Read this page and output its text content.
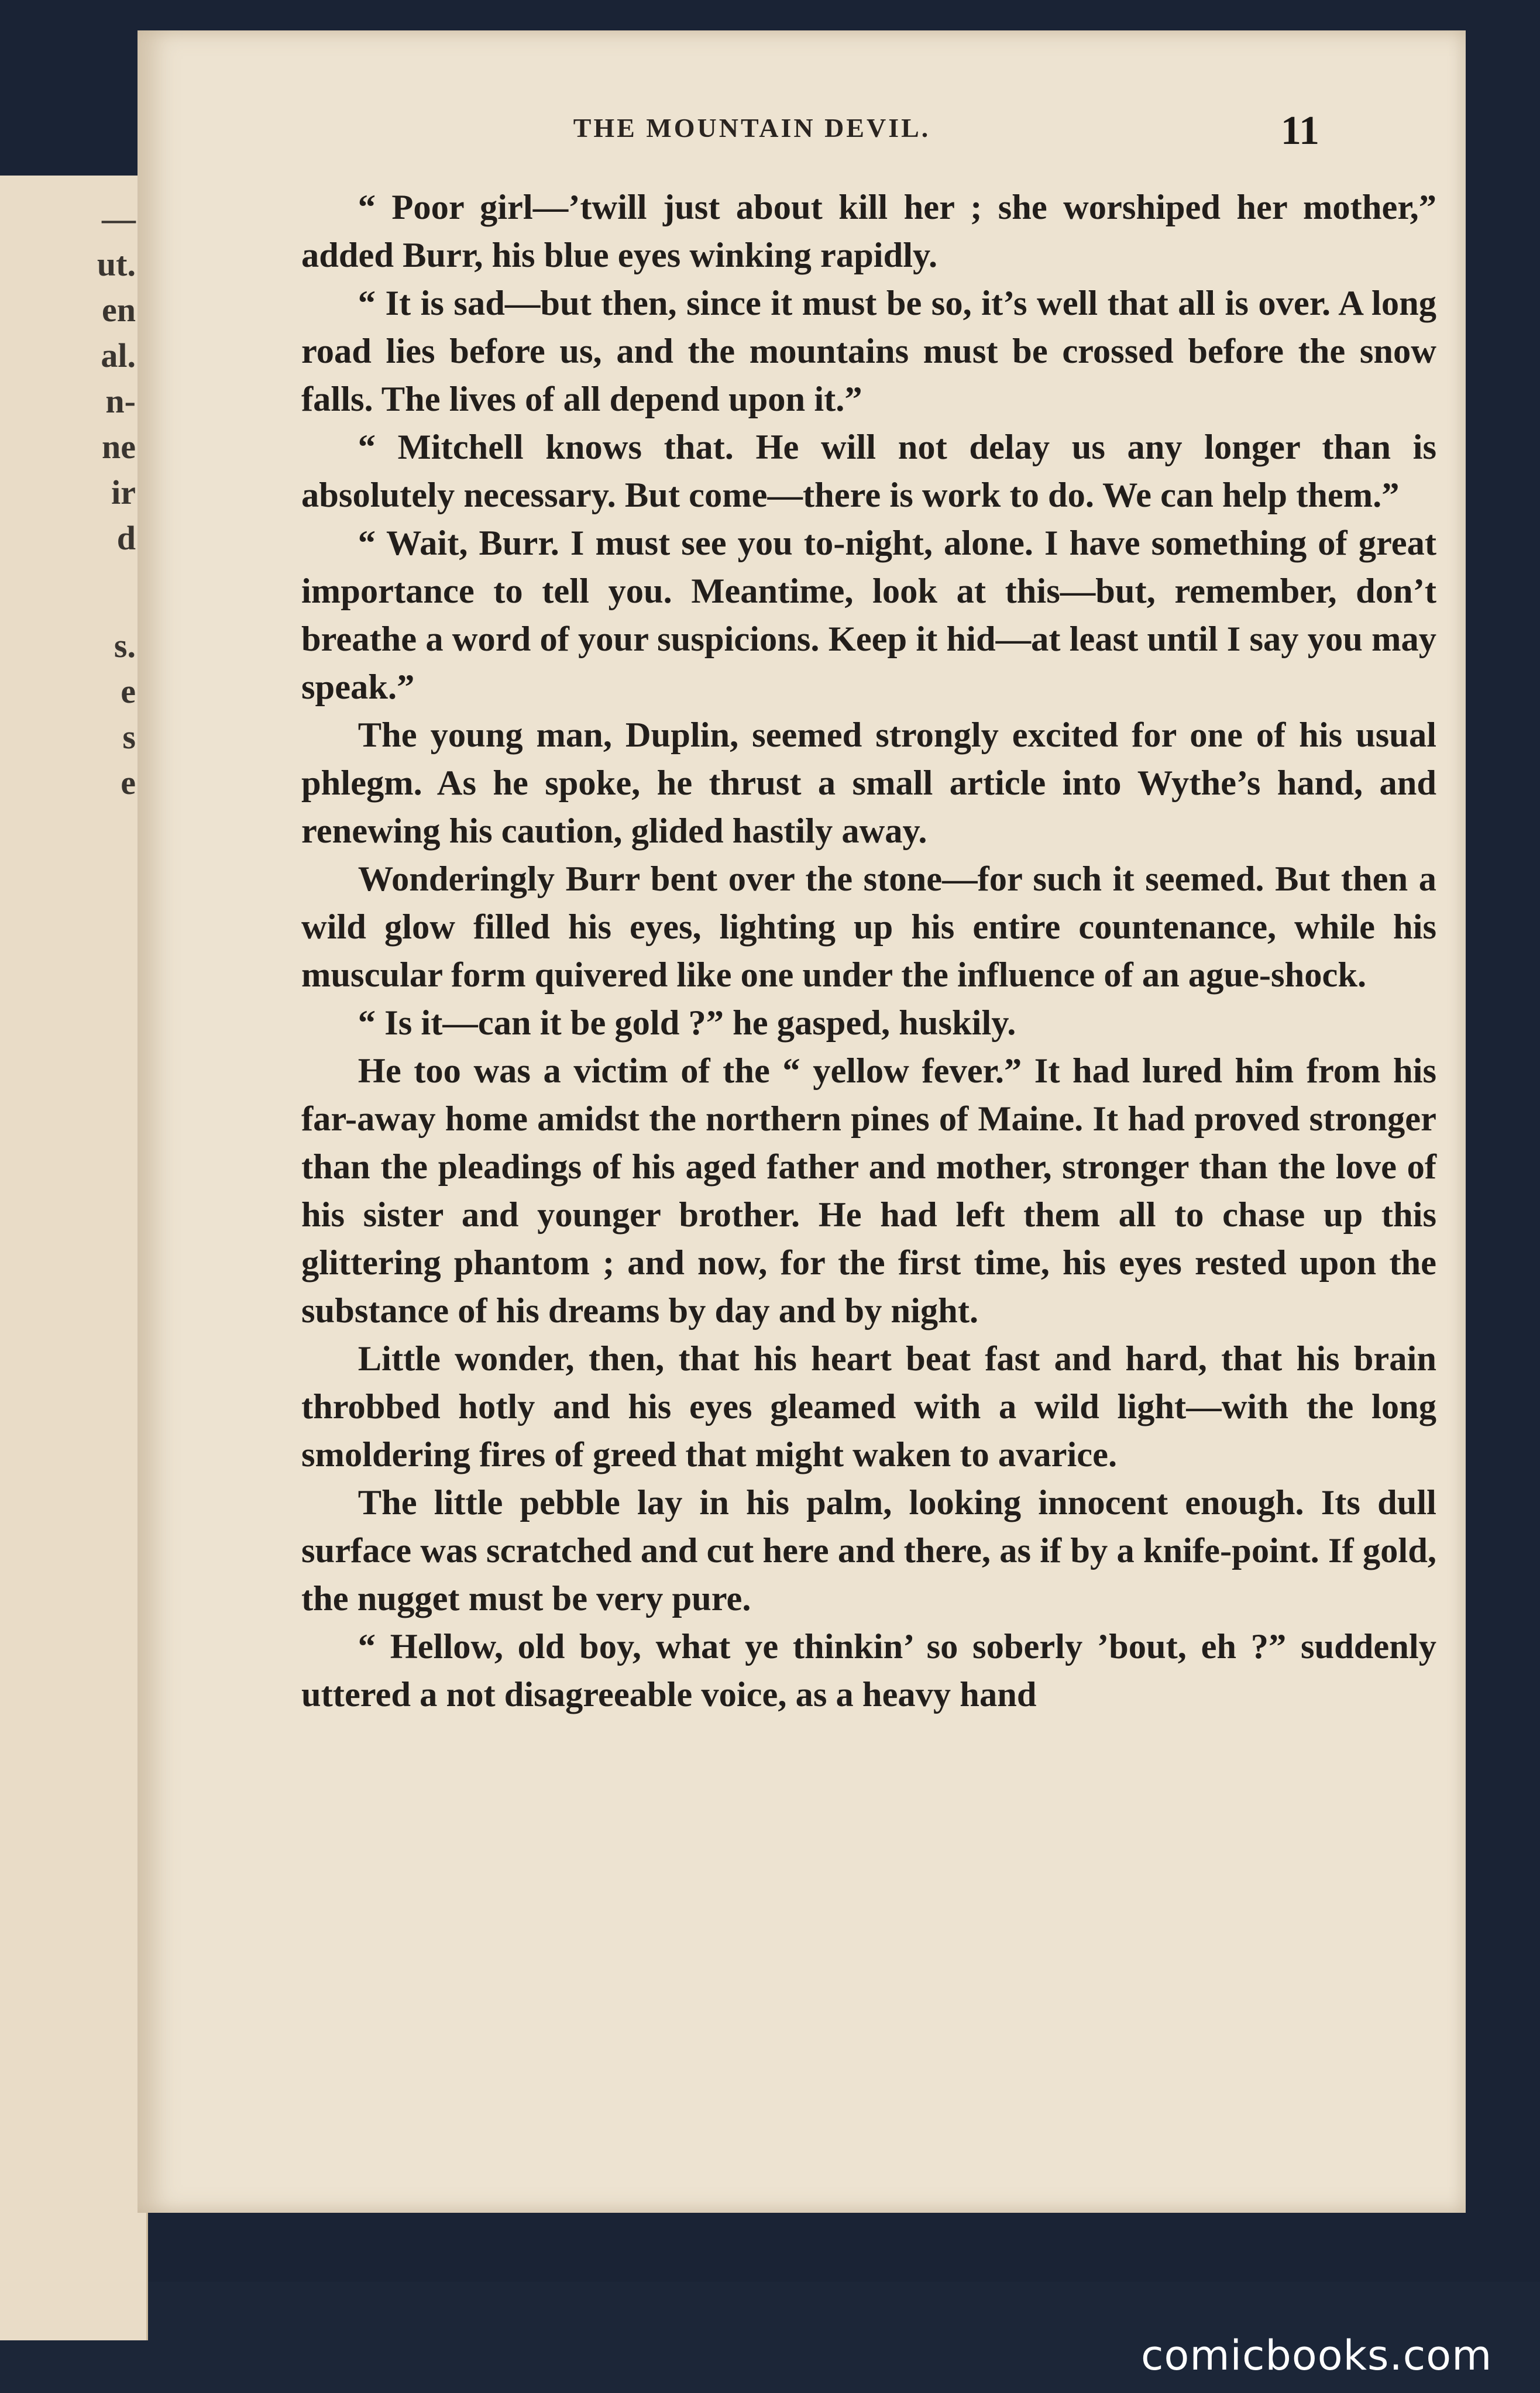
—
ut.
en
al.
n-
ne
ir
d
s.
e
s
e
THE MOUNTAIN DEVIL.	11

“ Poor girl—’twill just about kill her ; she worshiped her mother,” added Burr, his blue eyes winking rapidly.

“ It is sad—but then, since it must be so, it’s well that all is over. A long road lies before us, and the mountains must be crossed before the snow falls. The lives of all depend upon it.”

“ Mitchell knows that. He will not delay us any longer than is absolutely necessary. But come—there is work to do. We can help them.”

“ Wait, Burr. I must see you to-night, alone. I have something of great importance to tell you. Meantime, look at this—but, remember, don’t breathe a word of your suspicions. Keep it hid—at least until I say you may speak.”

The young man, Duplin, seemed strongly excited for one of his usual phlegm. As he spoke, he thrust a small article into Wythe’s hand, and renewing his caution, glided hastily away.

Wonderingly Burr bent over the stone—for such it seemed. But then a wild glow filled his eyes, lighting up his entire countenance, while his muscular form quivered like one under the influence of an ague-shock.

“ Is it—can it be gold ?” he gasped, huskily.

He too was a victim of the “ yellow fever.” It had lured him from his far-away home amidst the northern pines of Maine. It had proved stronger than the pleadings of his aged father and mother, stronger than the love of his sister and younger brother. He had left them all to chase up this glittering phantom ; and now, for the first time, his eyes rested upon the substance of his dreams by day and by night.

Little wonder, then, that his heart beat fast and hard, that his brain throbbed hotly and his eyes gleamed with a wild light—with the long smoldering fires of greed that might waken to avarice.

The little pebble lay in his palm, looking innocent enough. Its dull surface was scratched and cut here and there, as if by a knife-point. If gold, the nugget must be very pure.

“ Hellow, old boy, what ye thinkin’ so soberly ’bout, eh ?” suddenly uttered a not disagreeable voice, as a heavy hand

comicbooks.com
